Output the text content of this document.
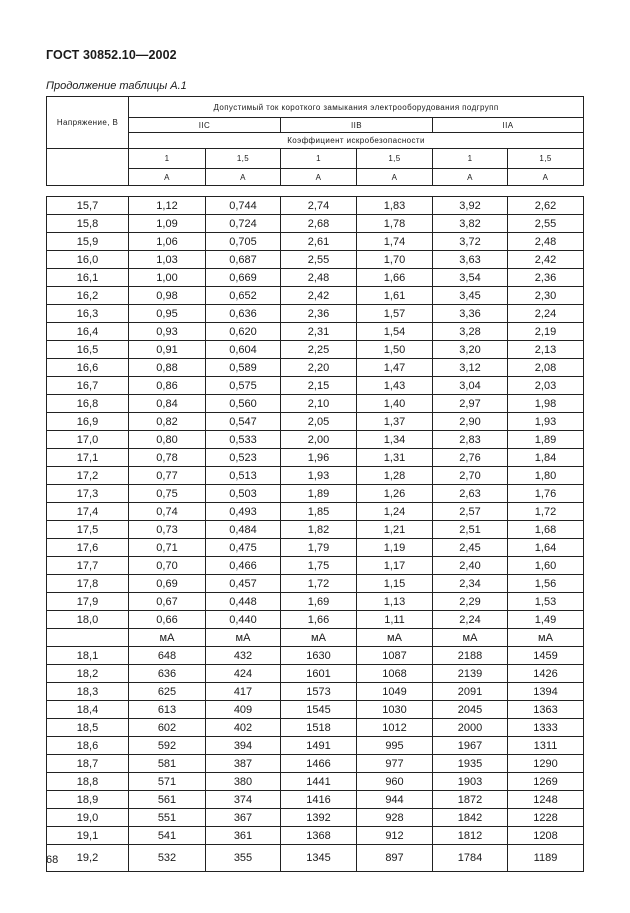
ГОСТ 30852.10—2002
Продолжение таблицы А.1
Напряжение, В	Допустимый ток короткого замыкания электрооборудования подгрупп					
	IIC		IIB		IIA	
	Коэффициент искробезопасности					
	1	1,5	1	1,5	1	1,5
	А	А	А	А	А	А
15,7	1,12	0,744	2,74	1,83	3,92	2,62
15,8	1,09	0,724	2,68	1,78	3,82	2,55
15,9	1,06	0,705	2,61	1,74	3,72	2,48
16,0	1,03	0,687	2,55	1,70	3,63	2,42
16,1	1,00	0,669	2,48	1,66	3,54	2,36
16,2	0,98	0,652	2,42	1,61	3,45	2,30
16,3	0,95	0,636	2,36	1,57	3,36	2,24
16,4	0,93	0,620	2,31	1,54	3,28	2,19
16,5	0,91	0,604	2,25	1,50	3,20	2,13
16,6	0,88	0,589	2,20	1,47	3,12	2,08
16,7	0,86	0,575	2,15	1,43	3,04	2,03
16,8	0,84	0,560	2,10	1,40	2,97	1,98
16,9	0,82	0,547	2,05	1,37	2,90	1,93
17,0	0,80	0,533	2,00	1,34	2,83	1,89
17,1	0,78	0,523	1,96	1,31	2,76	1,84
17,2	0,77	0,513	1,93	1,28	2,70	1,80
17,3	0,75	0,503	1,89	1,26	2,63	1,76
17,4	0,74	0,493	1,85	1,24	2,57	1,72
17,5	0,73	0,484	1,82	1,21	2,51	1,68
17,6	0,71	0,475	1,79	1,19	2,45	1,64
17,7	0,70	0,466	1,75	1,17	2,40	1,60
17,8	0,69	0,457	1,72	1,15	2,34	1,56
17,9	0,67	0,448	1,69	1,13	2,29	1,53
18,0	0,66	0,440	1,66	1,11	2,24	1,49
	мА	мА	мА	мА	мА	мА
18,1	648	432	1630	1087	2188	1459
18,2	636	424	1601	1068	2139	1426
18,3	625	417	1573	1049	2091	1394
18,4	613	409	1545	1030	2045	1363
18,5	602	402	1518	1012	2000	1333
18,6	592	394	1491	995	1967	1311
18,7	581	387	1466	977	1935	1290
18,8	571	380	1441	960	1903	1269
18,9	561	374	1416	944	1872	1248
19,0	551	367	1392	928	1842	1228
19,1	541	361	1368	912	1812	1208
19,2	532	355	1345	897	1784	1189
68
